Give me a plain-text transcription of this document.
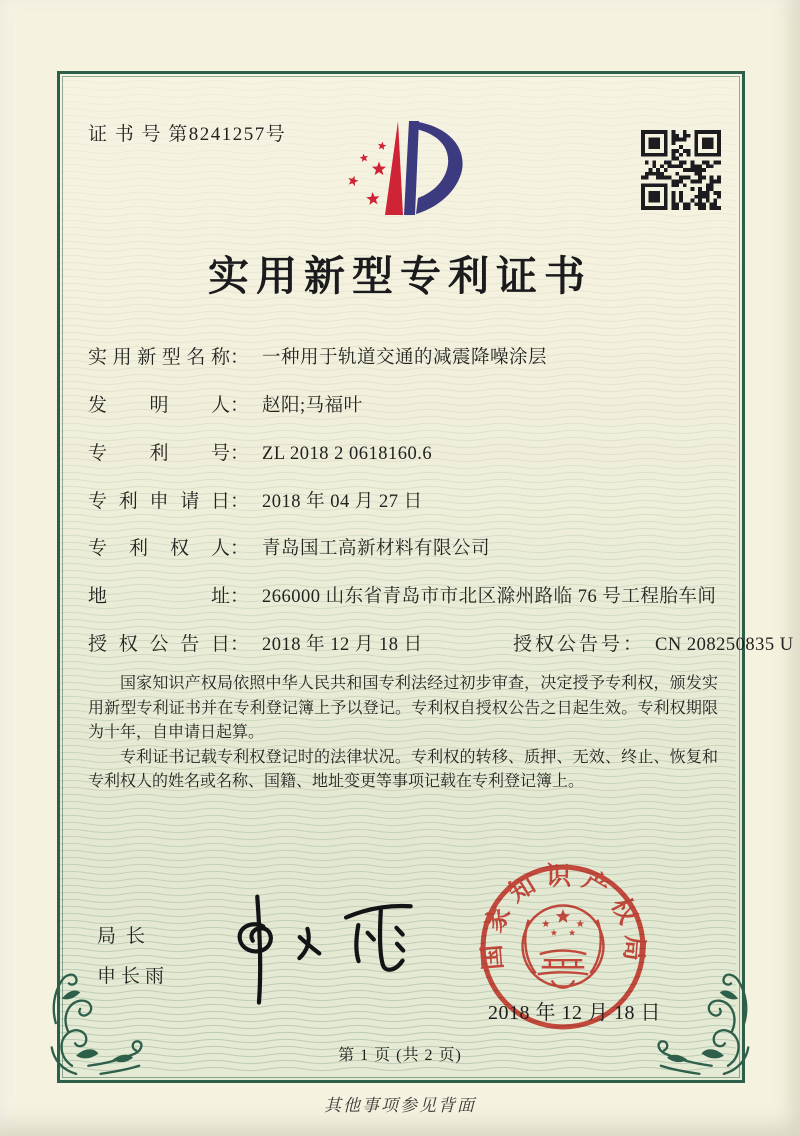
证 书 号 第8241257号
实用新型专利证书
实用新型名称： 一种用于轨道交通的减震降噪涂层
发明人： 赵阳;马福叶
专利号： ZL 2018 2 0618160.6
专利申请日： 2018 年 04 月 27 日
专利权人： 青岛国工高新材料有限公司
地址： 266000 山东省青岛市市北区滁州路临 76 号工程胎车间
授权公告日： 2018 年 12 月 18 日	授权公告号： CN 208250835 U

国家知识产权局依照中华人民共和国专利法经过初步审查，决定授予专利权，颁发实用新型专利证书并在专利登记簿上予以登记。专利权自授权公告之日起生效。专利权期限为十年，自申请日起算。

专利证书记载专利权登记时的法律状况。专利权的转移、质押、无效、终止、恢复和专利权人的姓名或名称、国籍、地址变更等事项记载在专利登记簿上。

局长
申长雨
国家知识产权局
2018 年 12 月 18 日
第 1 页 (共 2 页)
其他事项参见背面
